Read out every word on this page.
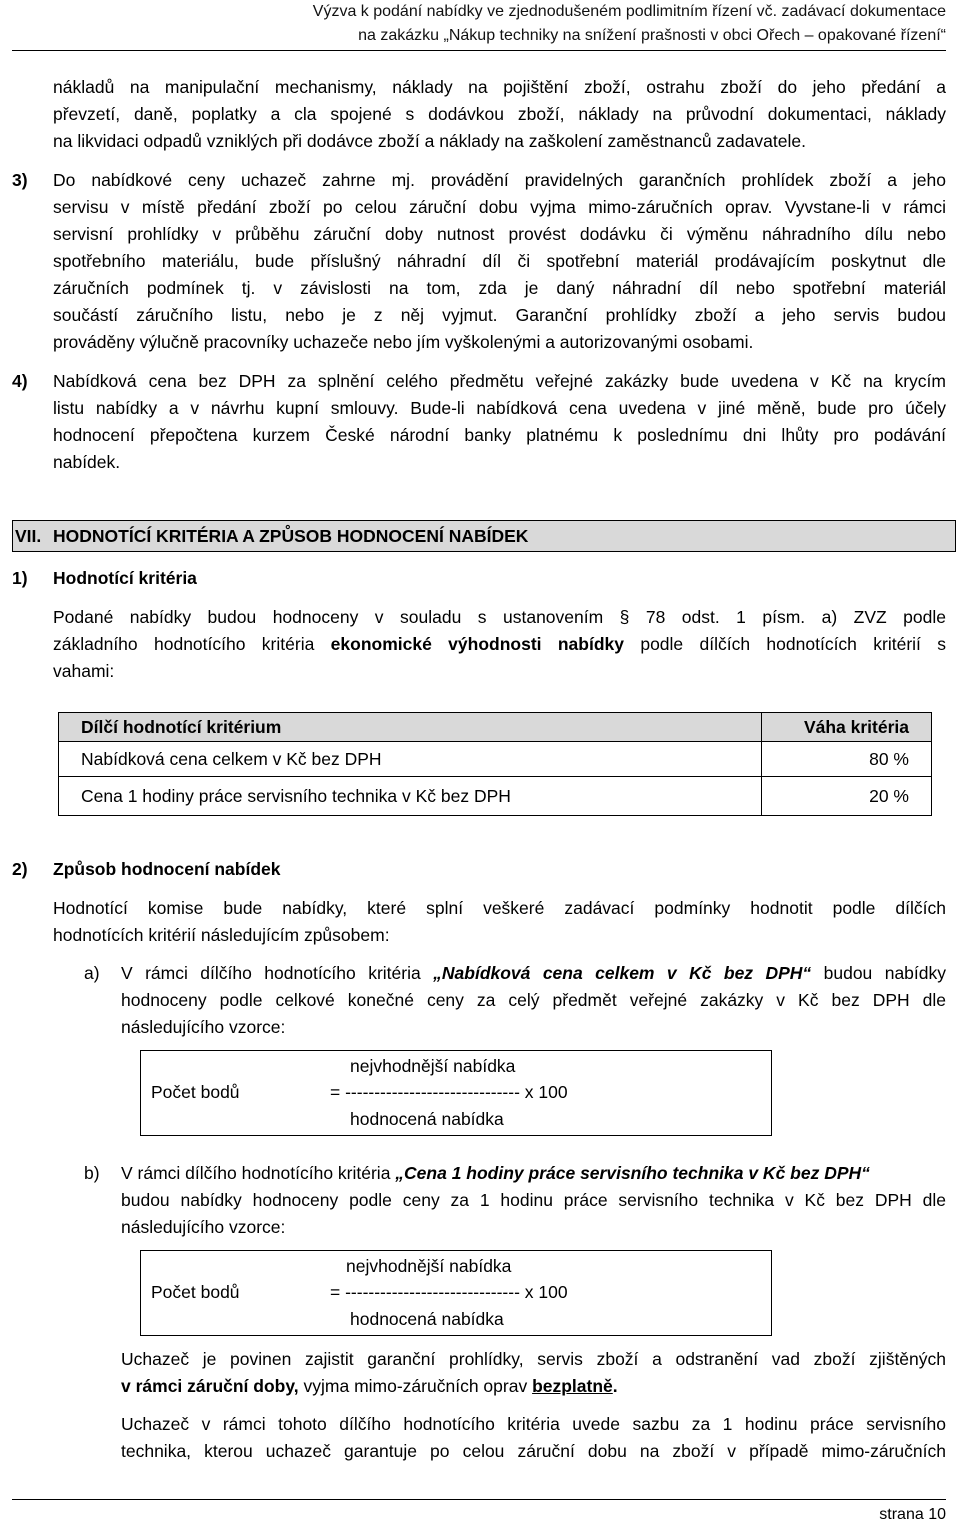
Výzva k podání nabídky ve zjednodušeném podlimitním řízení vč. zadávací dokumentace
na zakázku „Nákup techniky na snížení prašnosti v obci Ořech – opakované řízení“
nákladů na manipulační mechanismy, náklady na pojištění zboží, ostrahu zboží do jeho předání a
převzetí, daně, poplatky a cla spojené s dodávkou zboží, náklady na průvodní dokumentaci, náklady
na likvidaci odpadů vzniklých při dodávce zboží a náklady na zaškolení zaměstnanců zadavatele.
3) Do nabídkové ceny uchazeč zahrne mj. provádění pravidelných garančních prohlídek zboží a jeho
servisu v místě předání zboží po celou záruční dobu vyjma mimo-záručních oprav. Vyvstane-li v rámci
servisní prohlídky v průběhu záruční doby nutnost provést dodávku či výměnu náhradního dílu nebo
spotřebního materiálu, bude příslušný náhradní díl či spotřební materiál prodávajícím poskytnut dle
záručních podmínek tj. v závislosti na tom, zda je daný náhradní díl nebo spotřební materiál
součástí záručního listu, nebo je z něj vyjmut. Garanční prohlídky zboží a jeho servis budou
prováděny výlučně pracovníky uchazeče nebo jím vyškolenými a autorizovanými osobami.
4) Nabídková cena bez DPH za splnění celého předmětu veřejné zakázky bude uvedena v Kč na krycím
listu nabídky a v návrhu kupní smlouvy. Bude-li nabídková cena uvedena v jiné měně, bude pro účely
hodnocení přepočtena kurzem České národní banky platnému k poslednímu dni lhůty pro podávání
nabídek.
VII. HODNOTÍCÍ KRITÉRIA A ZPŮSOB HODNOCENÍ NABÍDEK
1) Hodnotící kritéria
Podané nabídky budou hodnoceny v souladu s ustanovením § 78 odst. 1 písm. a) ZVZ podle
základního hodnotícího kritéria ekonomické výhodnosti nabídky podle dílčích hodnotících kritérií s
vahami:
Dílčí hodnotící kritérium	Váha kritéria
Nabídková cena celkem v Kč bez DPH	80 %
Cena 1 hodiny práce servisního technika v Kč bez DPH	20 %
2) Způsob hodnocení nabídek
Hodnotící komise bude nabídky, které splní veškeré zadávací podmínky hodnotit podle dílčích
hodnotících kritérií následujícím způsobem:
a) V rámci dílčího hodnotícího kritéria „Nabídková cena celkem v Kč bez DPH“ budou nabídky
hodnoceny podle celkové konečné ceny za celý předmět veřejné zakázky v Kč bez DPH dle
následujícího vzorce:
nejvhodnější nabídka
Počet bodů	= ------------------------------ x 100
hodnocená nabídka
b) V rámci dílčího hodnotícího kritéria „Cena 1 hodiny práce servisního technika v Kč bez DPH“
budou nabídky hodnoceny podle ceny za 1 hodinu práce servisního technika v Kč bez DPH dle
následujícího vzorce:
nejvhodnější nabídka
Počet bodů	= ------------------------------ x 100
hodnocená nabídka
Uchazeč je povinen zajistit garanční prohlídky, servis zboží a odstranění vad zboží zjištěných
v rámci záruční doby, vyjma mimo-záručních oprav bezplatně.
Uchazeč v rámci tohoto dílčího hodnotícího kritéria uvede sazbu za 1 hodinu práce servisního
technika, kterou uchazeč garantuje po celou záruční dobu na zboží v případě mimo-záručních
strana 10
